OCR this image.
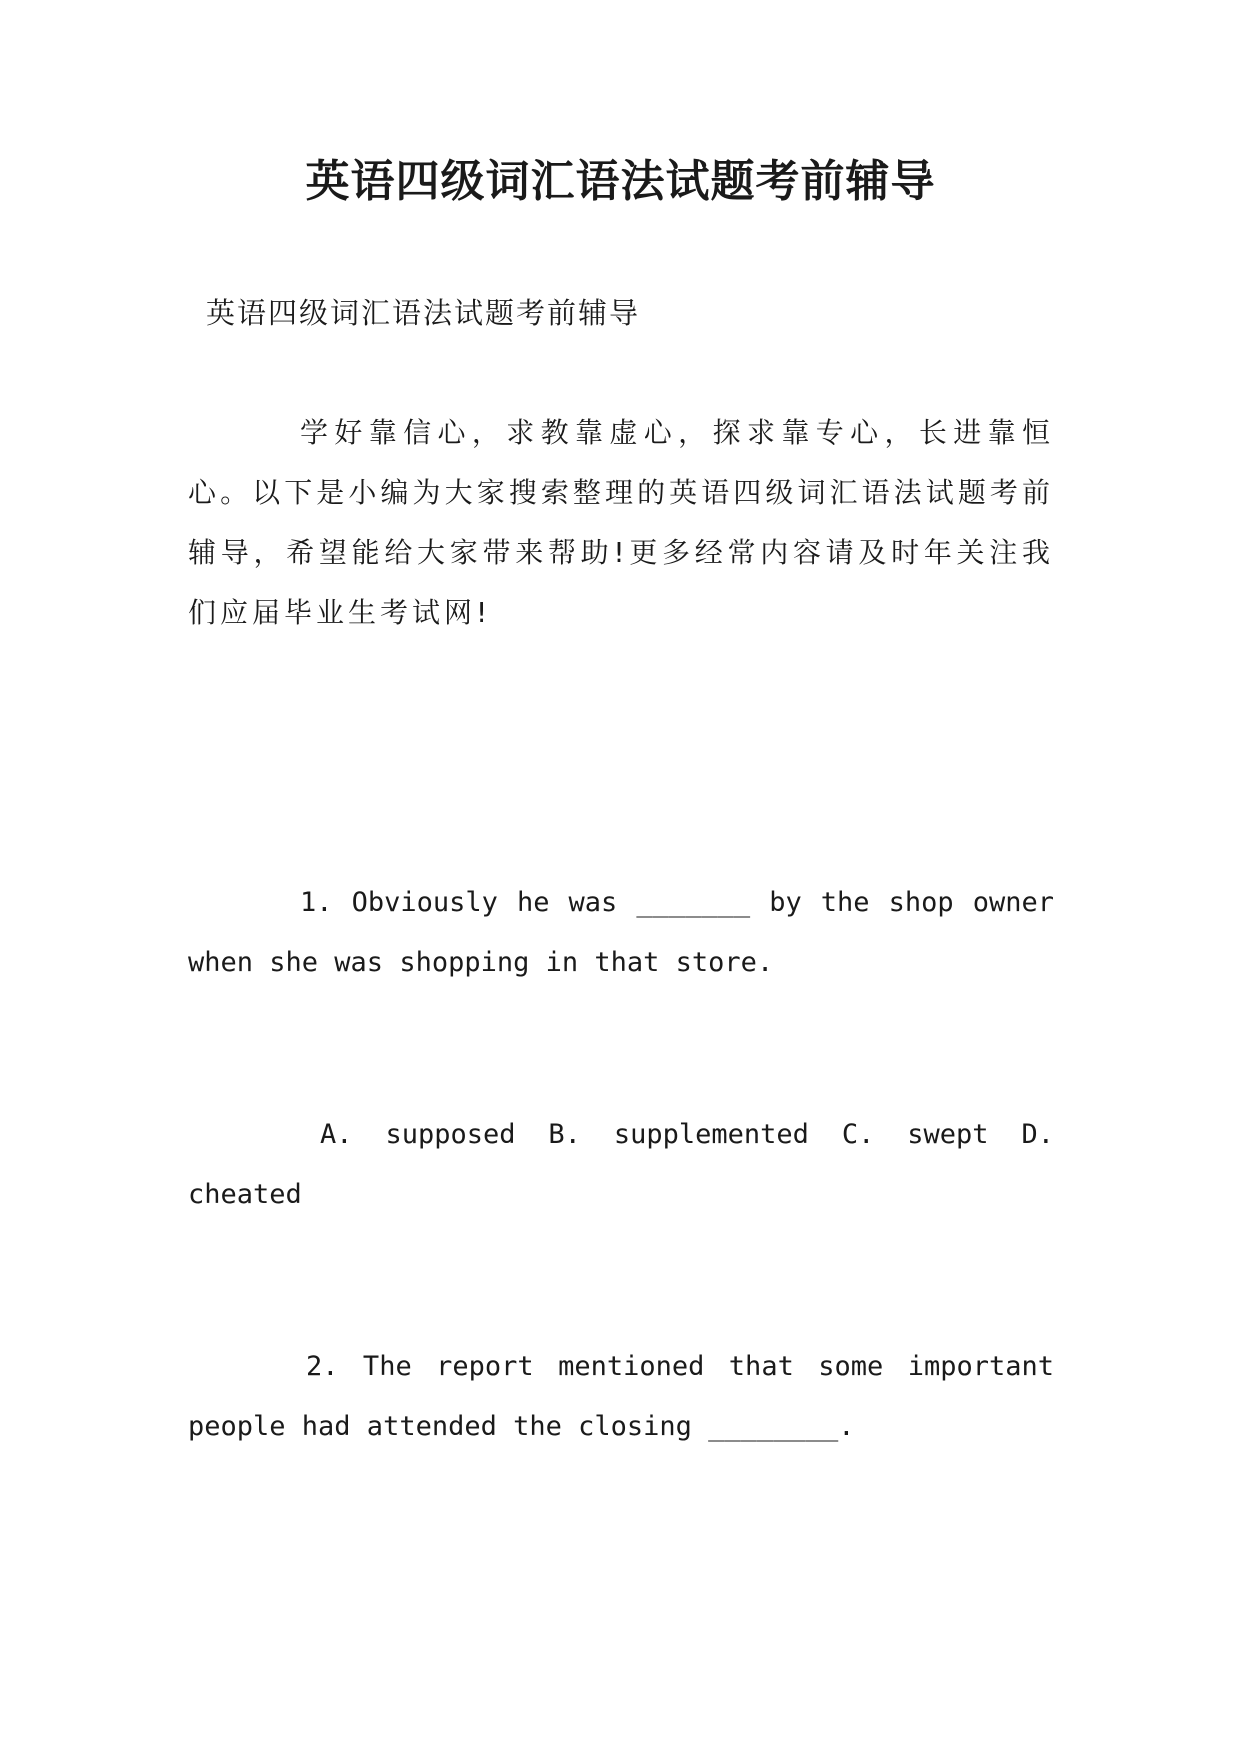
英语四级词汇语法试题考前辅导
英语四级词汇语法试题考前辅导

学好靠信心，求教靠虚心，探求靠专心，长进靠恒心。以下是小编为大家搜索整理的英语四级词汇语法试题考前辅导，希望能给大家带来帮助!更多经常内容请及时年关注我们应届毕业生考试网!

1. Obviously he was _______ by the shop owner when she was shopping in that store.

A. supposed B. supplemented C. swept D. cheated

2. The report mentioned that some important people had attended the closing ________.
